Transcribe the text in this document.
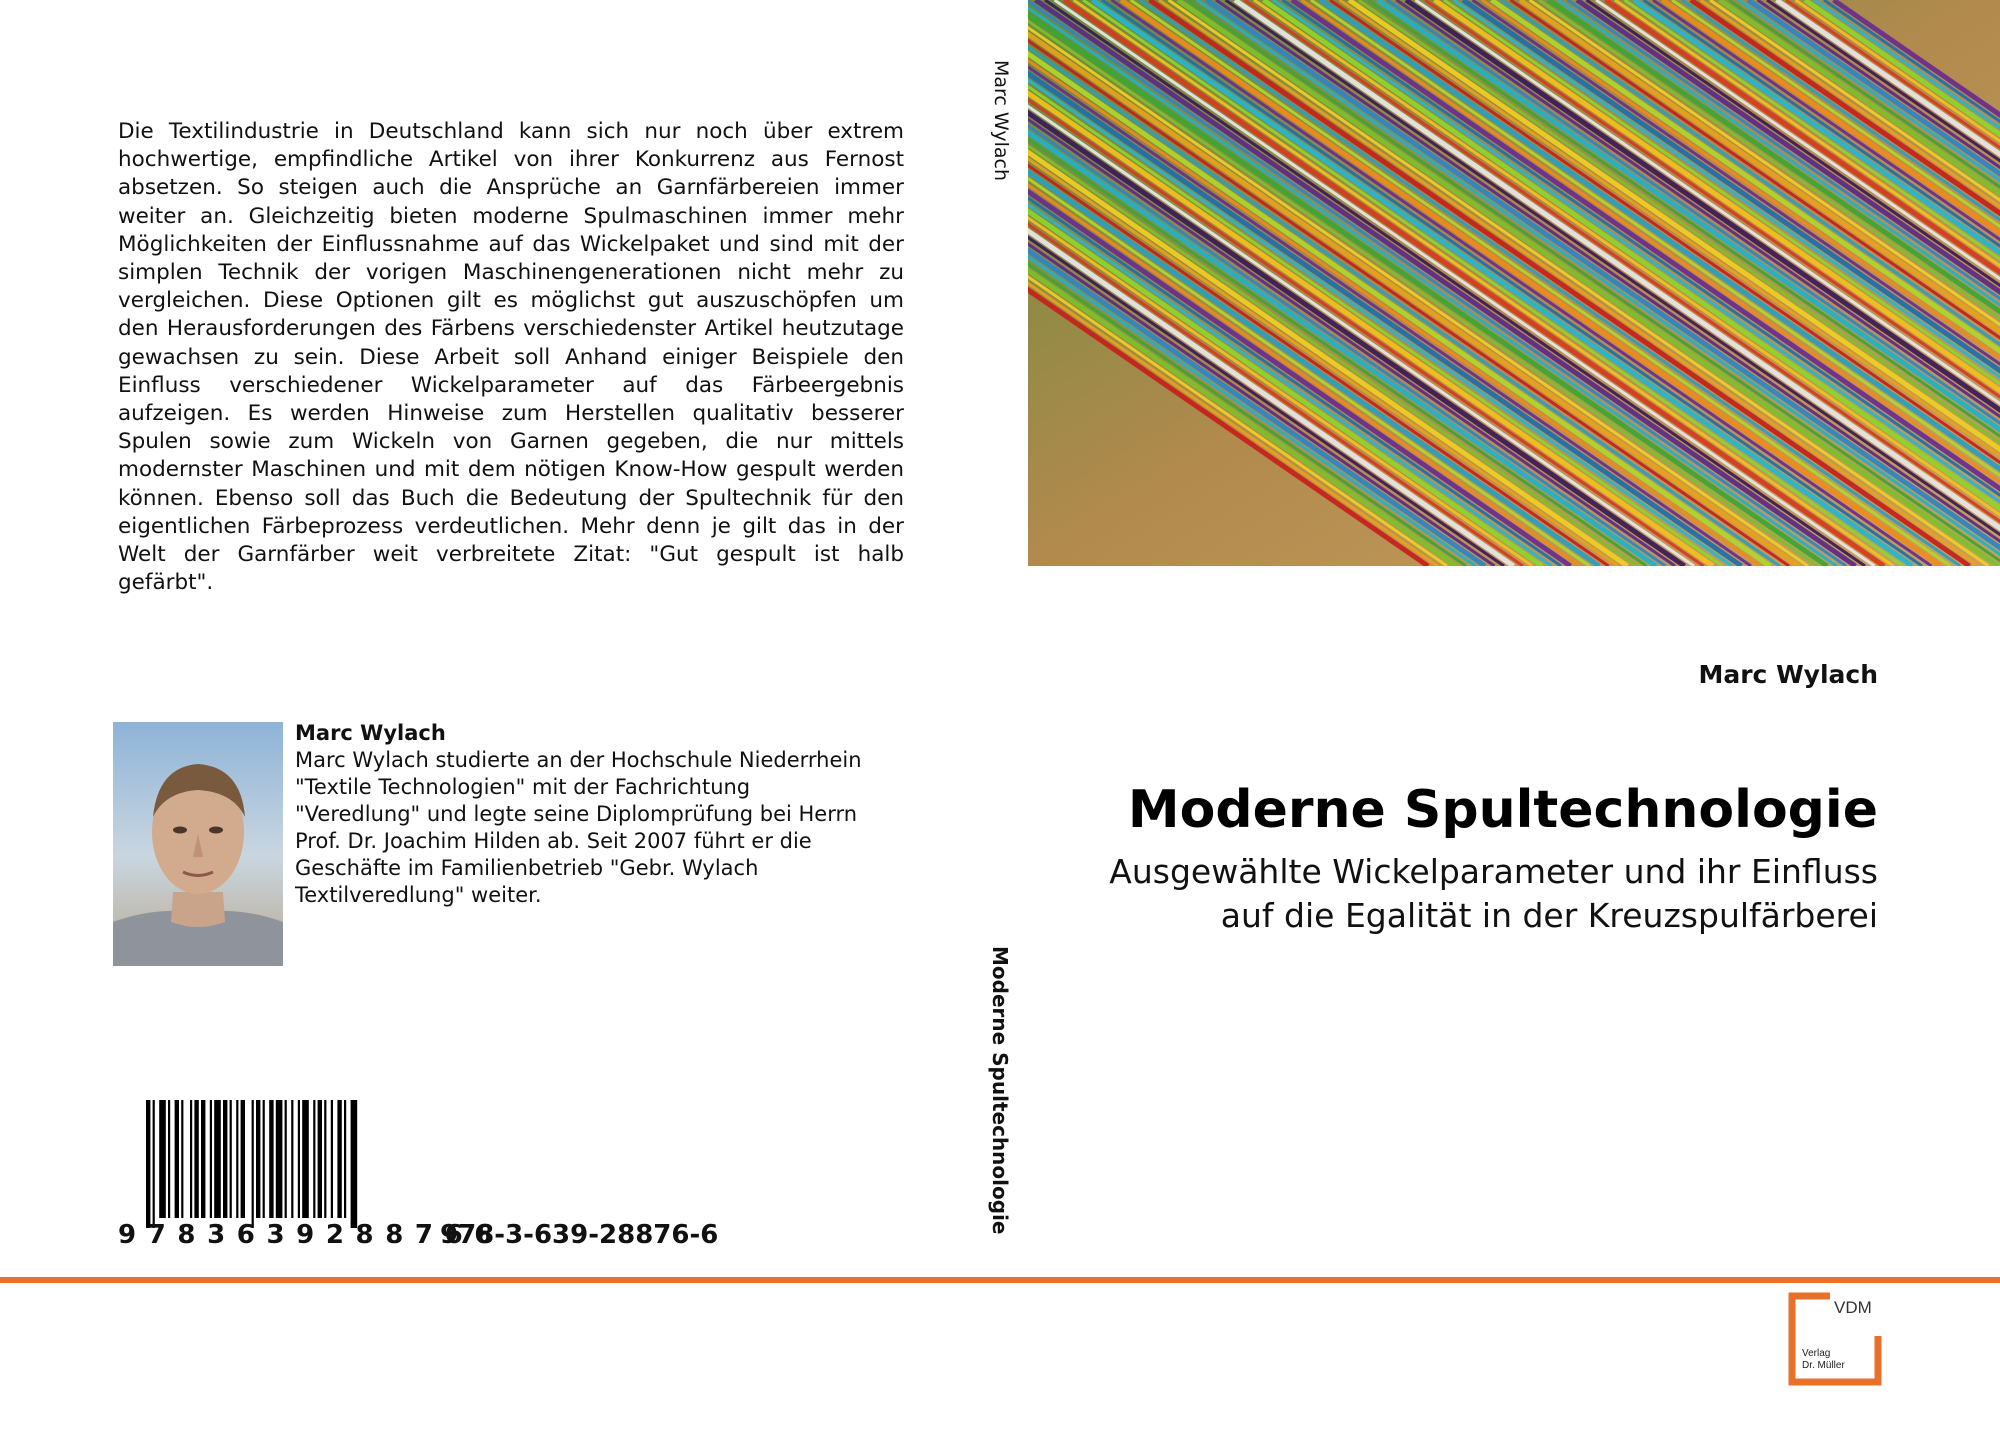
Die Textilindustrie in Deutschland kann sich nur noch über extrem hochwertige, empfindliche Artikel von ihrer Konkurrenz aus Fernost absetzen. So steigen auch die Ansprüche an Garnfärbereien immer weiter an. Gleichzeitig bieten moderne Spulmaschinen immer mehr Möglichkeiten der Einflussnahme auf das Wickelpaket und sind mit der simplen Technik der vorigen Maschinengenerationen nicht mehr zu vergleichen. Diese Optionen gilt es möglichst gut auszuschöpfen um den Herausforderungen des Färbens verschiedenster Artikel heutzutage gewachsen zu sein. Diese Arbeit soll Anhand einiger Beispiele den Einfluss verschiedener Wickelparameter auf das Färbeergebnis aufzeigen. Es werden Hinweise zum Herstellen qualitativ besserer Spulen sowie zum Wickeln von Garnen gegeben, die nur mittels modernster Maschinen und mit dem nötigen Know-How gespult werden können. Ebenso soll das Buch die Bedeutung der Spultechnik für den eigentlichen Färbeprozess verdeutlichen. Mehr denn je gilt das in der Welt der Garnfärber weit verbreitete Zitat: "Gut gespult ist halb gefärbt".

Marc Wylach
Marc Wylach studierte an der Hochschule Niederrhein "Textile Technologien" mit der Fachrichtung "Veredlung" und legte seine Diplomprüfung bei Herrn Prof. Dr. Joachim Hilden ab. Seit 2007 führt er die Geschäfte im Familienbetrieb "Gebr. Wylach Textilveredlung" weiter.
9783639288766
978-3-639-28876-6
Marc Wylach
Moderne Spultechnologie
Marc Wylach
Moderne Spultechnologie
Ausgewählte Wickelparameter und ihr Einfluss
auf die Egalität in der Kreuzspulfärberei
VDM
Verlag
Dr. Müller
